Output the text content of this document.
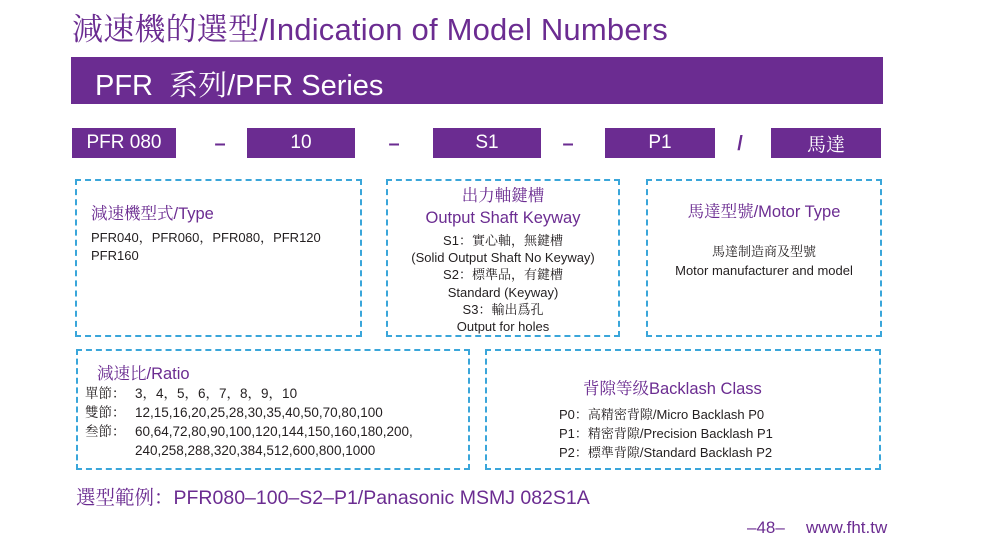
減速機的選型/Indication of Model Numbers
PFR  系列/PFR Series
PFR 080	–	10	–	S1	–	P1	/	馬達
減速機型式/Type
PFR040，PFR060，PFR080，PFR120
PFR160
出力軸鍵槽
Output Shaft Keyway
S1：實心軸，無鍵槽
(Solid Output Shaft No Keyway)
S2：標準品，有鍵槽
Standard (Keyway)
S3：輸出爲孔
Output for holes
馬達型號/Motor Type
馬達制造商及型號
Motor manufacturer and model
減速比/Ratio
單節： 3，4，5，6，7，8，9，10
雙節： 12,15,16,20,25,28,30,35,40,50,70,80,100
叁節： 60,64,72,80,90,100,120,144,150,160,180,200,
240,258,288,320,384,512,600,800,1000
背隙等级Backlash Class
P0：高精密背隙/Micro Backlash P0
P1：精密背隙/Precision Backlash P1
P2：標準背隙/Standard Backlash P2
選型範例：PFR080–100–S2–P1/Panasonic MSMJ 082S1A
–48– www.fht.tw
